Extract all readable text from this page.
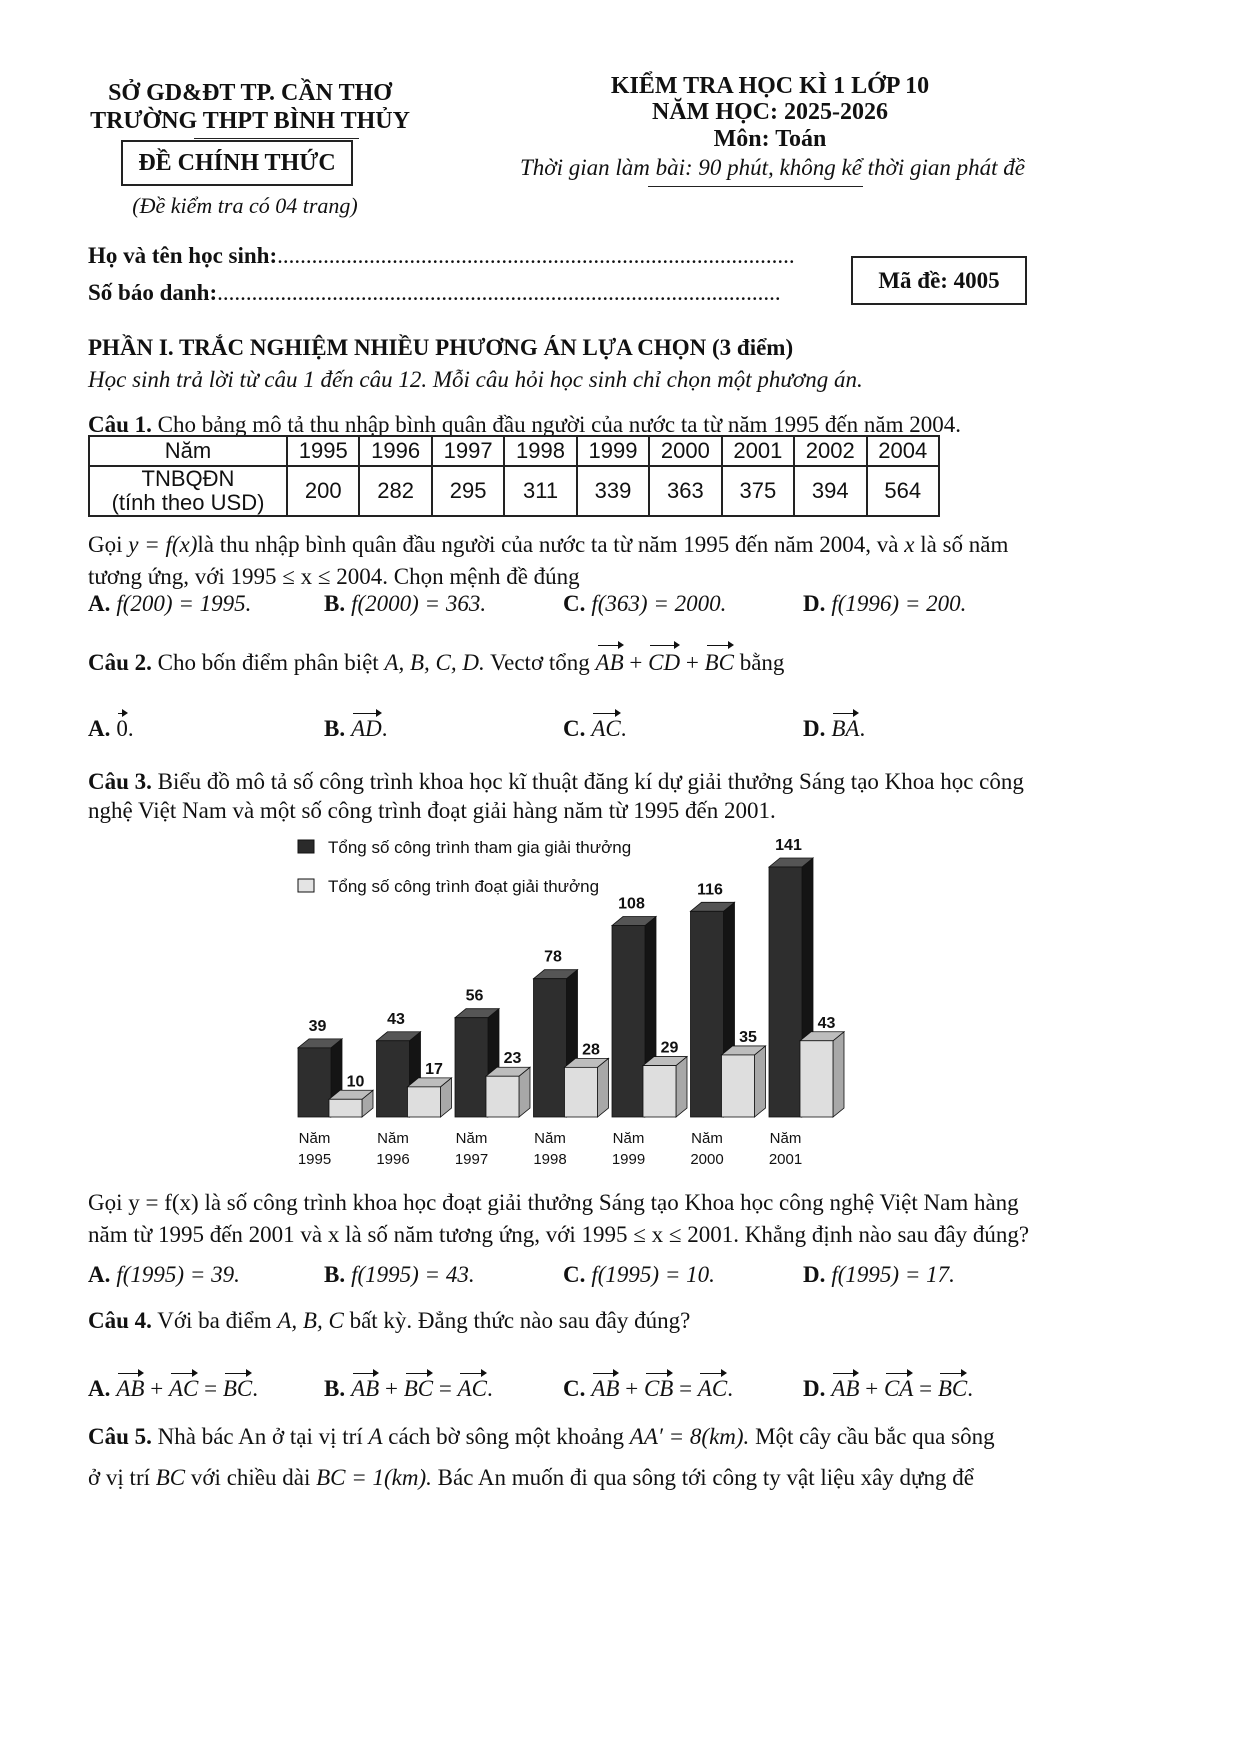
SỞ GD&ĐT TP. CẦN THƠ
TRƯỜNG THPT BÌNH THỦY
ĐỀ CHÍNH THỨC
(Đề kiểm tra có 04 trang)
KIỂM TRA HỌC KÌ 1 LỚP 10
NĂM HỌC: 2025-2026
Môn: Toán
Thời gian làm bài: 90 phút, không kể thời gian phát đề
Họ và tên học sinh:..........................................................................................
Số báo danh:..................................................................................................	Mã đề: 4005
PHẦN I. TRẮC NGHIỆM NHIỀU PHƯƠNG ÁN LỰA CHỌN (3 điểm)
Học sinh trả lời từ câu 1 đến câu 12. Mỗi câu hỏi học sinh chỉ chọn một phương án.
Câu 1. Cho bảng mô tả thu nhập bình quân đầu người của nước ta từ năm 1995 đến năm 2004.
Năm	1995	1996	1997	1998	1999	2000	2001	2002	2004
TNBQĐN
(tính theo USD)	200	282	295	311	339	363	375	394	564
Gọi y = f(x)là thu nhập bình quân đầu người của nước ta từ năm 1995 đến năm 2004, và x là số năm
tương ứng, với 1995 ≤ x ≤ 2004. Chọn mệnh đề đúng
A. f(200) = 1995.	B. f(2000) = 363.	C. f(363) = 2000.	D. f(1996) = 200.
Câu 2. Cho bốn điểm phân biệt A, B, C, D. Vectơ tổng AB + CD + BC bằng
A. 0.	B. AD.	C. AC.	D. BA.
Câu 3. Biểu đồ mô tả số công trình khoa học kĩ thuật đăng kí dự giải thưởng Sáng tạo Khoa học công
nghệ Việt Nam và một số công trình đoạt giải hàng năm từ 1995 đến 2001.
Tổng số công trình tham gia giải thưởng
Tổng số công trình đoạt giải thưởng
39
10
Năm
1995
43
17
Năm
1996
56
23
Năm
1997
78
28
Năm
1998
108
29
Năm
1999
116
35
Năm
2000
141
43
Năm
2001
Gọi y = f(x) là số công trình khoa học đoạt giải thưởng Sáng tạo Khoa học công nghệ Việt Nam hàng
năm từ 1995 đến 2001 và x là số năm tương ứng, với 1995 ≤ x ≤ 2001. Khẳng định nào sau đây đúng?
A. f(1995) = 39.	B. f(1995) = 43.	C. f(1995) = 10.	D. f(1995) = 17.
Câu 4. Với ba điểm A, B, C bất kỳ. Đẳng thức nào sau đây đúng?
A. AB + AC = BC.	B. AB + BC = AC.	C. AB + CB = AC.	D. AB + CA = BC.
Câu 5. Nhà bác An ở tại vị trí A cách bờ sông một khoảng AA′ = 8(km). Một cây cầu bắc qua sông
ở vị trí BC với chiều dài BC = 1(km). Bác An muốn đi qua sông tới công ty vật liệu xây dựng để
